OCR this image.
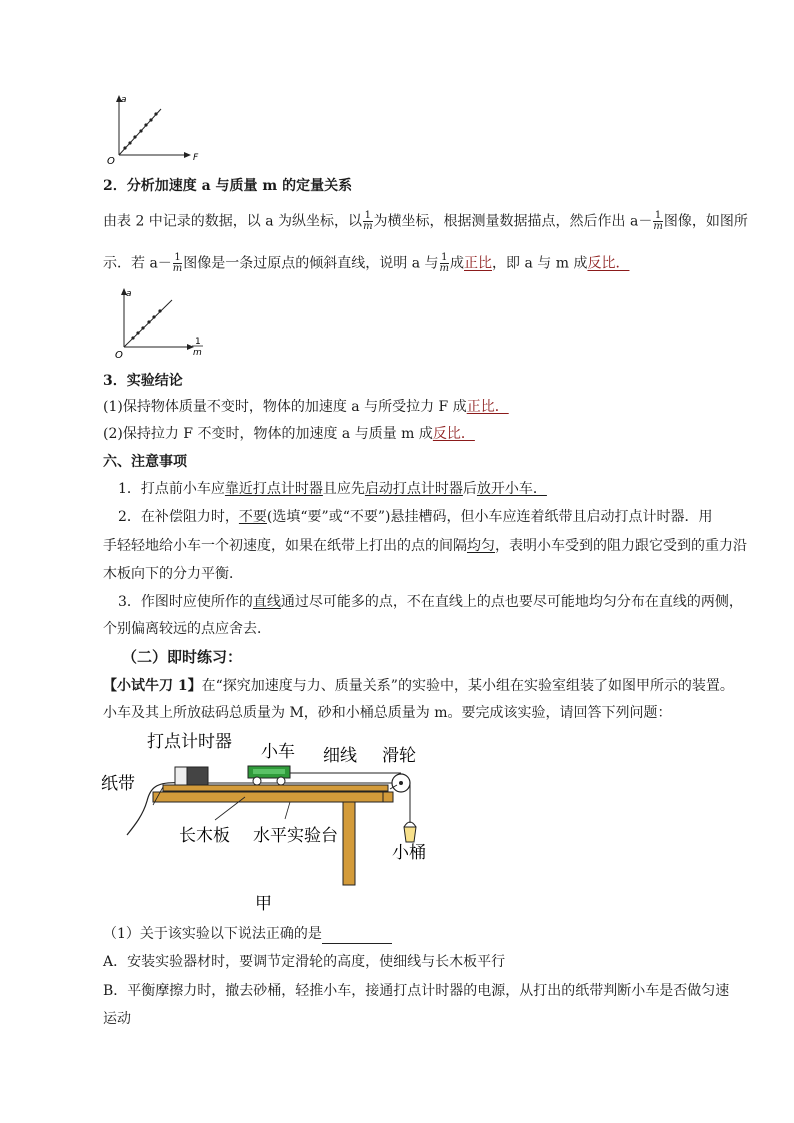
a
F
O
2．分析加速度 a 与质量 m 的定量关系
由表 2 中记录的数据，以 a 为纵坐标，以 $\frac{1}{m}$ 为横坐标，根据测量数据描点，然后作出 $a- \frac{1}{m}$ 图像，如图所
示．若 $a- \frac{1}{m}$ 图像是一条过原点的倾斜直线，说明 a 与 $\frac{1}{m}$ 成正比，即 a 与 m 成反比．
a
1
m
O
3．实验结论
(1)保持物体质量不变时，物体的加速度 a 与所受拉力 F 成正比．
(2)保持拉力 F 不变时，物体的加速度 a 与质量 m 成反比．
六、注意事项
1．打点前小车应靠近打点计时器且应先启动打点计时器后放开小车．
2．在补偿阻力时，不要(选填“要”或“不要”)悬挂槽码，但小车应连着纸带且启动打点计时器．用
手轻轻地给小车一个初速度，如果在纸带上打出的点的间隔均匀，表明小车受到的阻力跟它受到的重力沿
木板向下的分力平衡．
3．作图时应使所作的直线通过尽可能多的点，不在直线上的点也要尽可能地均匀分布在直线的两侧，
个别偏离较远的点应舍去．
（二）即时练习：
【小试牛刀 1】在“探究加速度与力、质量关系”的实验中，某小组在实验室组装了如图甲所示的装置。
小车及其上所放砝码总质量为 M，砂和小桶总质量为 m。要完成该实验，请回答下列问题：
打点计时器 小车 细线 滑轮
纸带
长木板 水平实验台
小桶
甲
（1）关于该实验以下说法正确的是
A．安装实验器材时，要调节定滑轮的高度，使细线与长木板平行
B．平衡摩擦力时，撤去砂桶，轻推小车，接通打点计时器的电源，从打出的纸带判断小车是否做匀速
运动
